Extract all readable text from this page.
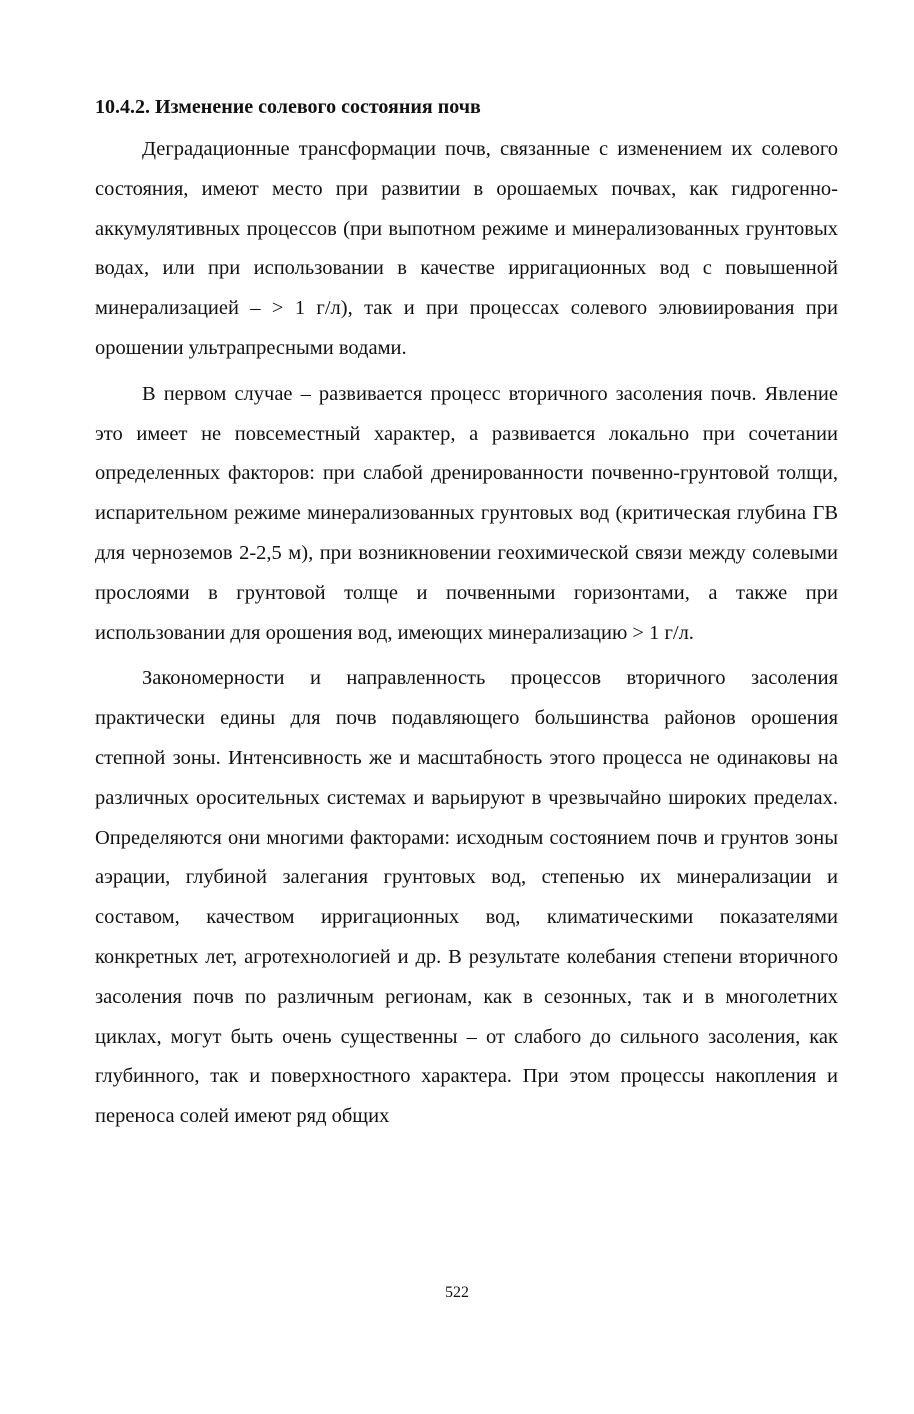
10.4.2. Изменение солевого состояния почв

Деградационные трансформации почв, связанные с изменением их солевого состояния, имеют место при развитии в орошаемых почвах, как гидрогенно-аккумулятивных процессов (при выпотном режиме и минерализованных грунтовых водах, или при использовании в качестве ирригационных вод с повышенной минерализацией – > 1 г/л), так и при процессах солевого элювиирования при орошении ультрапресными водами.

В первом случае – развивается процесс вторичного засоления почв. Явление это имеет не повсеместный характер, а развивается локально при сочетании определенных факторов: при слабой дренированности почвенно-грунтовой толщи, испарительном режиме минерализованных грунтовых вод (критическая глубина ГВ для черноземов 2-2,5 м), при возникновении геохимической связи между солевыми прослоями в грунтовой толще и почвенными горизонтами, а также при использовании для орошения вод, имеющих минерализацию > 1 г/л.

Закономерности и направленность процессов вторичного засоления практически едины для почв подавляющего большинства районов орошения степной зоны. Интенсивность же и масштабность этого процесса не одинаковы на различных оросительных системах и варьируют в чрезвычайно широких пределах. Определяются они многими факторами: исходным состоянием почв и грунтов зоны аэрации, глубиной залегания грунтовых вод, степенью их минерализации и составом, качеством ирригационных вод, климатическими показателями конкретных лет, агротехнологией и др. В результате колебания степени вторичного засоления почв по различным регионам, как в сезонных, так и в многолетних циклах, могут быть очень существенны – от слабого до сильного засоления, как глубинного, так и поверхностного характера. При этом процессы накопления и переноса солей имеют ряд общих

522
